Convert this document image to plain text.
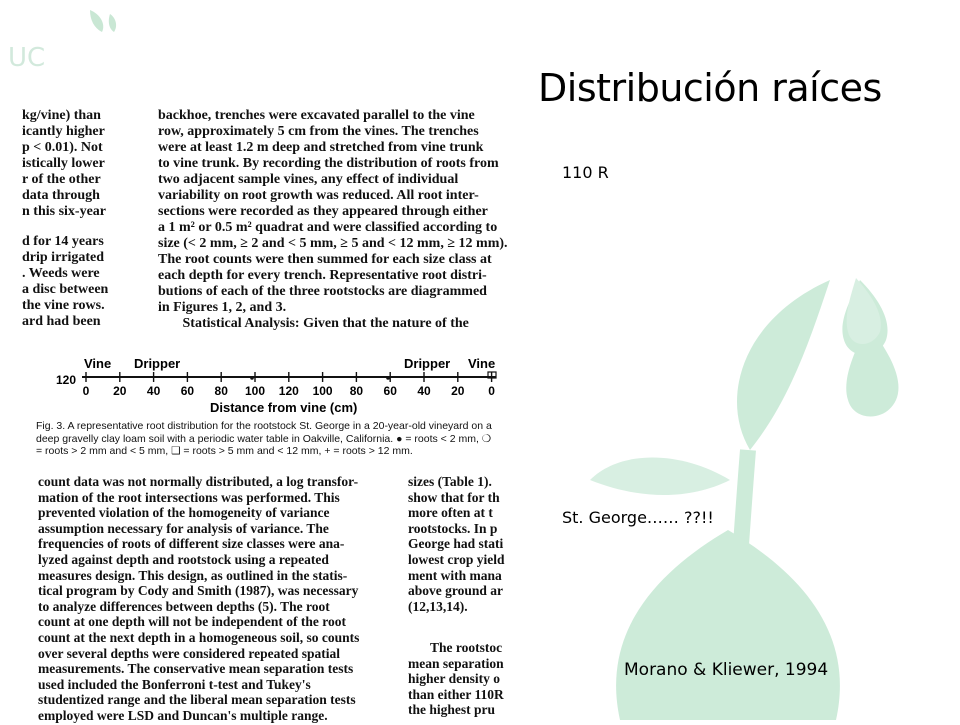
UC

kg/vine) than

icantly higher

p < 0.01). Not

istically lower

r of the other

data through

n this six-year

d for 14 years

drip irrigated

. Weeds were

a disc between

the vine rows.

ard had been

backhoe, trenches were excavated parallel to the vine

row, approximately 5 cm from the vines. The trenches

were at least 1.2 m deep and stretched from vine trunk

to vine trunk. By recording the distribution of roots from

two adjacent sample vines, any effect of individual

variability on root growth was reduced. All root inter-

sections were recorded as they appeared through either

a 1 m² or 0.5 m² quadrat and were classified according to

size (< 2 mm, ≥ 2 and < 5 mm, ≥ 5 and < 12 mm, ≥ 12 mm).

The root counts were then summed for each size class at

each depth for every trench. Representative root distri-

butions of each of the three rootstocks are diagrammed

in Figures 1, 2, and 3.

Statistical Analysis: Given that the nature of the

Vine Dripper	Dripper Vine
120
0 20 40 60 80 100 120 100 80 60 40 20 0
Distance from vine (cm)

Fig. 3. A representative root distribution for the rootstock St. George in a 20-year-old vineyard on a

deep gravelly clay loam soil with a periodic water table in Oakville, California. ● = roots < 2 mm, ❍

= roots > 2 mm and < 5 mm, ❑ = roots > 5 mm and < 12 mm, + = roots > 12 mm.

count data was not normally distributed, a log transfor-

mation of the root intersections was performed. This

prevented violation of the homogeneity of variance

assumption necessary for analysis of variance. The

frequencies of roots of different size classes were ana-

lyzed against depth and rootstock using a repeated

measures design. This design, as outlined in the statis-

tical program by Cody and Smith (1987), was necessary

to analyze differences between depths (5). The root

count at one depth will not be independent of the root

count at the next depth in a homogeneous soil, so counts

over several depths were considered repeated spatial

measurements. The conservative mean separation tests

used included the Bonferroni t-test and Tukey's

studentized range and the liberal mean separation tests

employed were LSD and Duncan's multiple range.

sizes (Table 1).

show that for th

more often at t

rootstocks. In p

George had stati

lowest crop yield

ment with mana

above ground ar

(12,13,14).

The rootstoc

mean separation

higher density o

than either 110R

the highest pru

Distribución raíces
110 R
St. George…… ??!!
Morano & Kliewer, 1994
